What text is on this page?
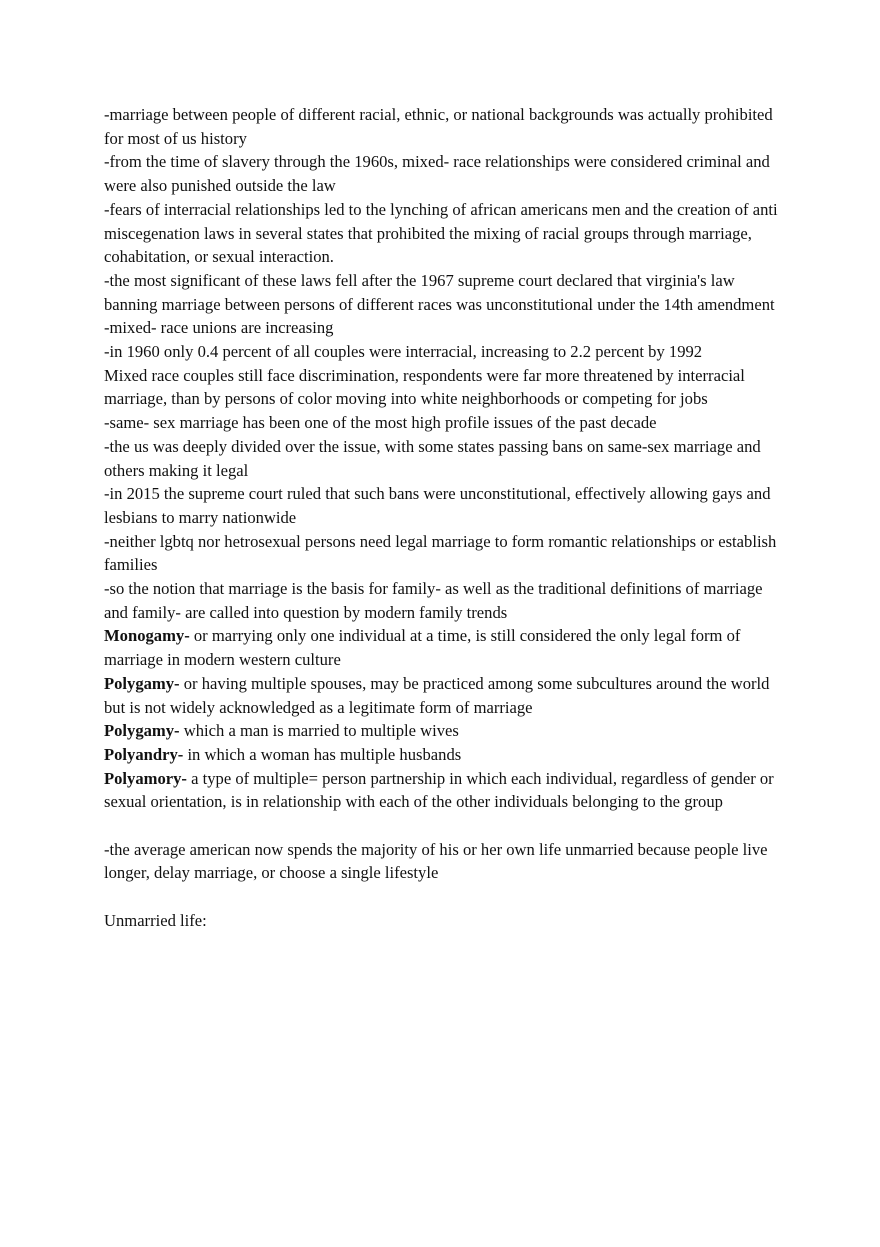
-marriage between people of different racial, ethnic, or national backgrounds was actually prohibited for most of us history

-from the time of slavery through the 1960s, mixed- race relationships were considered criminal and were also punished outside the law

-fears of interracial relationships led to the lynching of african americans men and the creation of anti miscegenation laws in several states that prohibited the mixing of racial groups through marriage, cohabitation, or sexual interaction.

-the most significant of these laws fell after the 1967 supreme court declared that virginia's law banning marriage between persons of different races was unconstitutional under the 14th amendment

-mixed- race unions are increasing

-in 1960 only 0.4 percent of all couples were interracial, increasing to 2.2 percent by 1992

Mixed race couples still face discrimination, respondents were far more threatened by interracial marriage, than by persons of color moving into white neighborhoods or competing for jobs

-same- sex marriage has been one of the most high profile issues of the past decade

-the us was deeply divided over the issue, with some states passing bans on same-sex marriage and others making it legal

-in 2015 the supreme court ruled that such bans were unconstitutional, effectively allowing gays and lesbians to marry nationwide

-neither lgbtq nor hetrosexual persons need legal marriage to form romantic relationships or establish families

-so the notion that marriage is the basis for family- as well as the traditional definitions of marriage and family- are called into question by modern family trends

Monogamy- or marrying only one individual at a time, is still considered the only legal form of marriage in modern western culture

Polygamy- or having multiple spouses, may be practiced among some subcultures around the world but is not widely acknowledged as a legitimate form of marriage

Polygamy- which a man is married to multiple wives

Polyandry- in which a woman has multiple husbands

Polyamory- a type of multiple= person partnership in which each individual, regardless of gender or sexual orientation, is in relationship with each of the other individuals belonging to the group

-the average american now spends the majority of his or her own life unmarried because people live longer, delay marriage, or choose a single lifestyle

Unmarried life:
